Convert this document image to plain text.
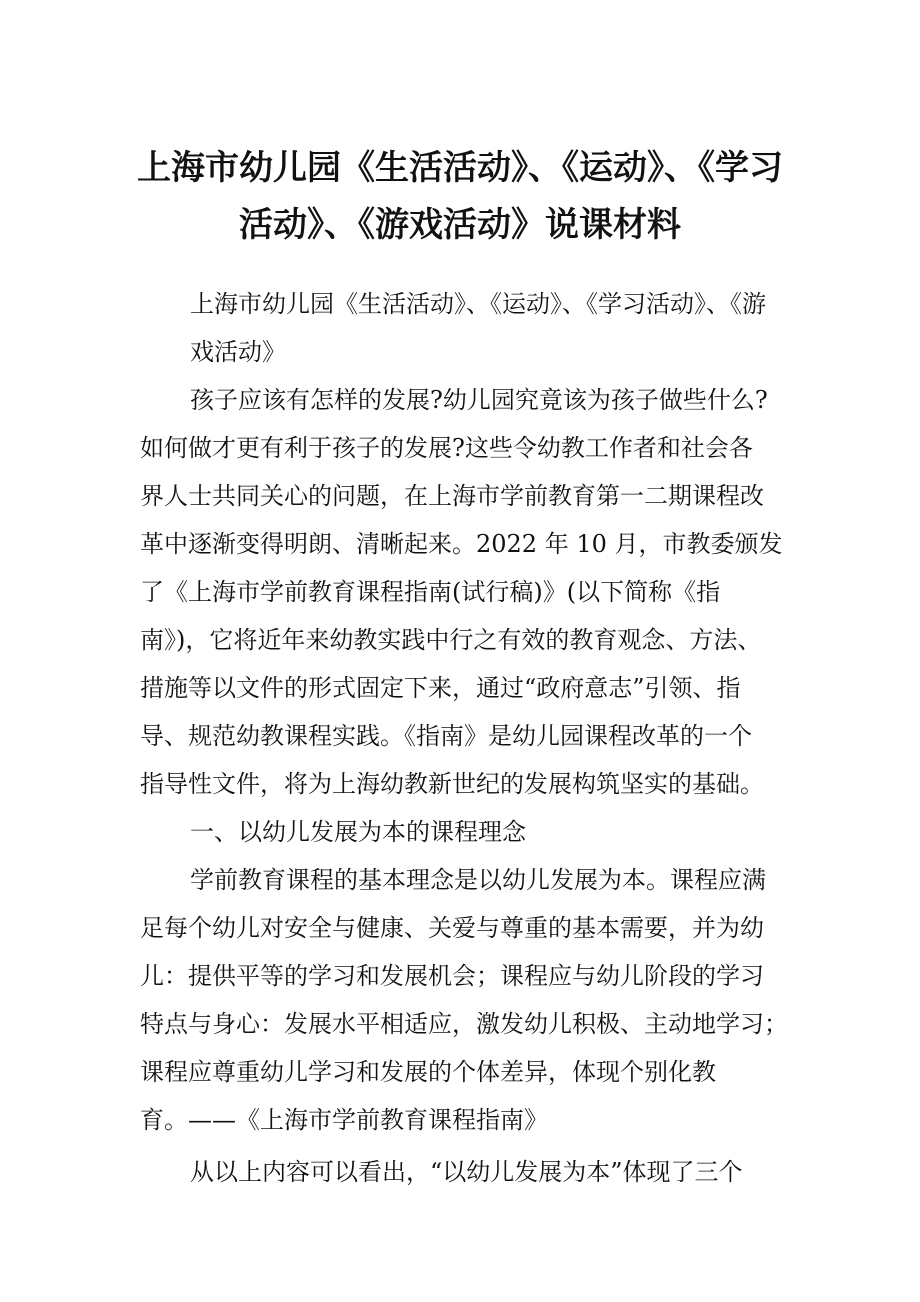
上海市幼儿园《生活活动》、《运动》、《学习
活动》、《游戏活动》说课材料
上海市幼儿园《生活活动》、《运动》、《学习活动》、《游
戏活动》
孩子应该有怎样的发展?幼儿园究竟该为孩子做些什么?
如何做才更有利于孩子的发展?这些令幼教工作者和社会各
界人士共同关心的问题，在上海市学前教育第一二期课程改
革中逐渐变得明朗、清晰起来。2022 年 10 月，市教委颁发
了《上海市学前教育课程指南(试行稿)》(以下简称《指
南》)，它将近年来幼教实践中行之有效的教育观念、方法、
措施等以文件的形式固定下来，通过“政府意志”引领、指
导、规范幼教课程实践。《指南》是幼儿园课程改革的一个
指导性文件，将为上海幼教新世纪的发展构筑坚实的基础。
一、以幼儿发展为本的课程理念
学前教育课程的基本理念是以幼儿发展为本。课程应满
足每个幼儿对安全与健康、关爱与尊重的基本需要，并为幼
儿：提供平等的学习和发展机会；课程应与幼儿阶段的学习
特点与身心：发展水平相适应，激发幼儿积极、主动地学习；
课程应尊重幼儿学习和发展的个体差异，体现个别化教
育。——《上海市学前教育课程指南》
从以上内容可以看出，“以幼儿发展为本”体现了三个
